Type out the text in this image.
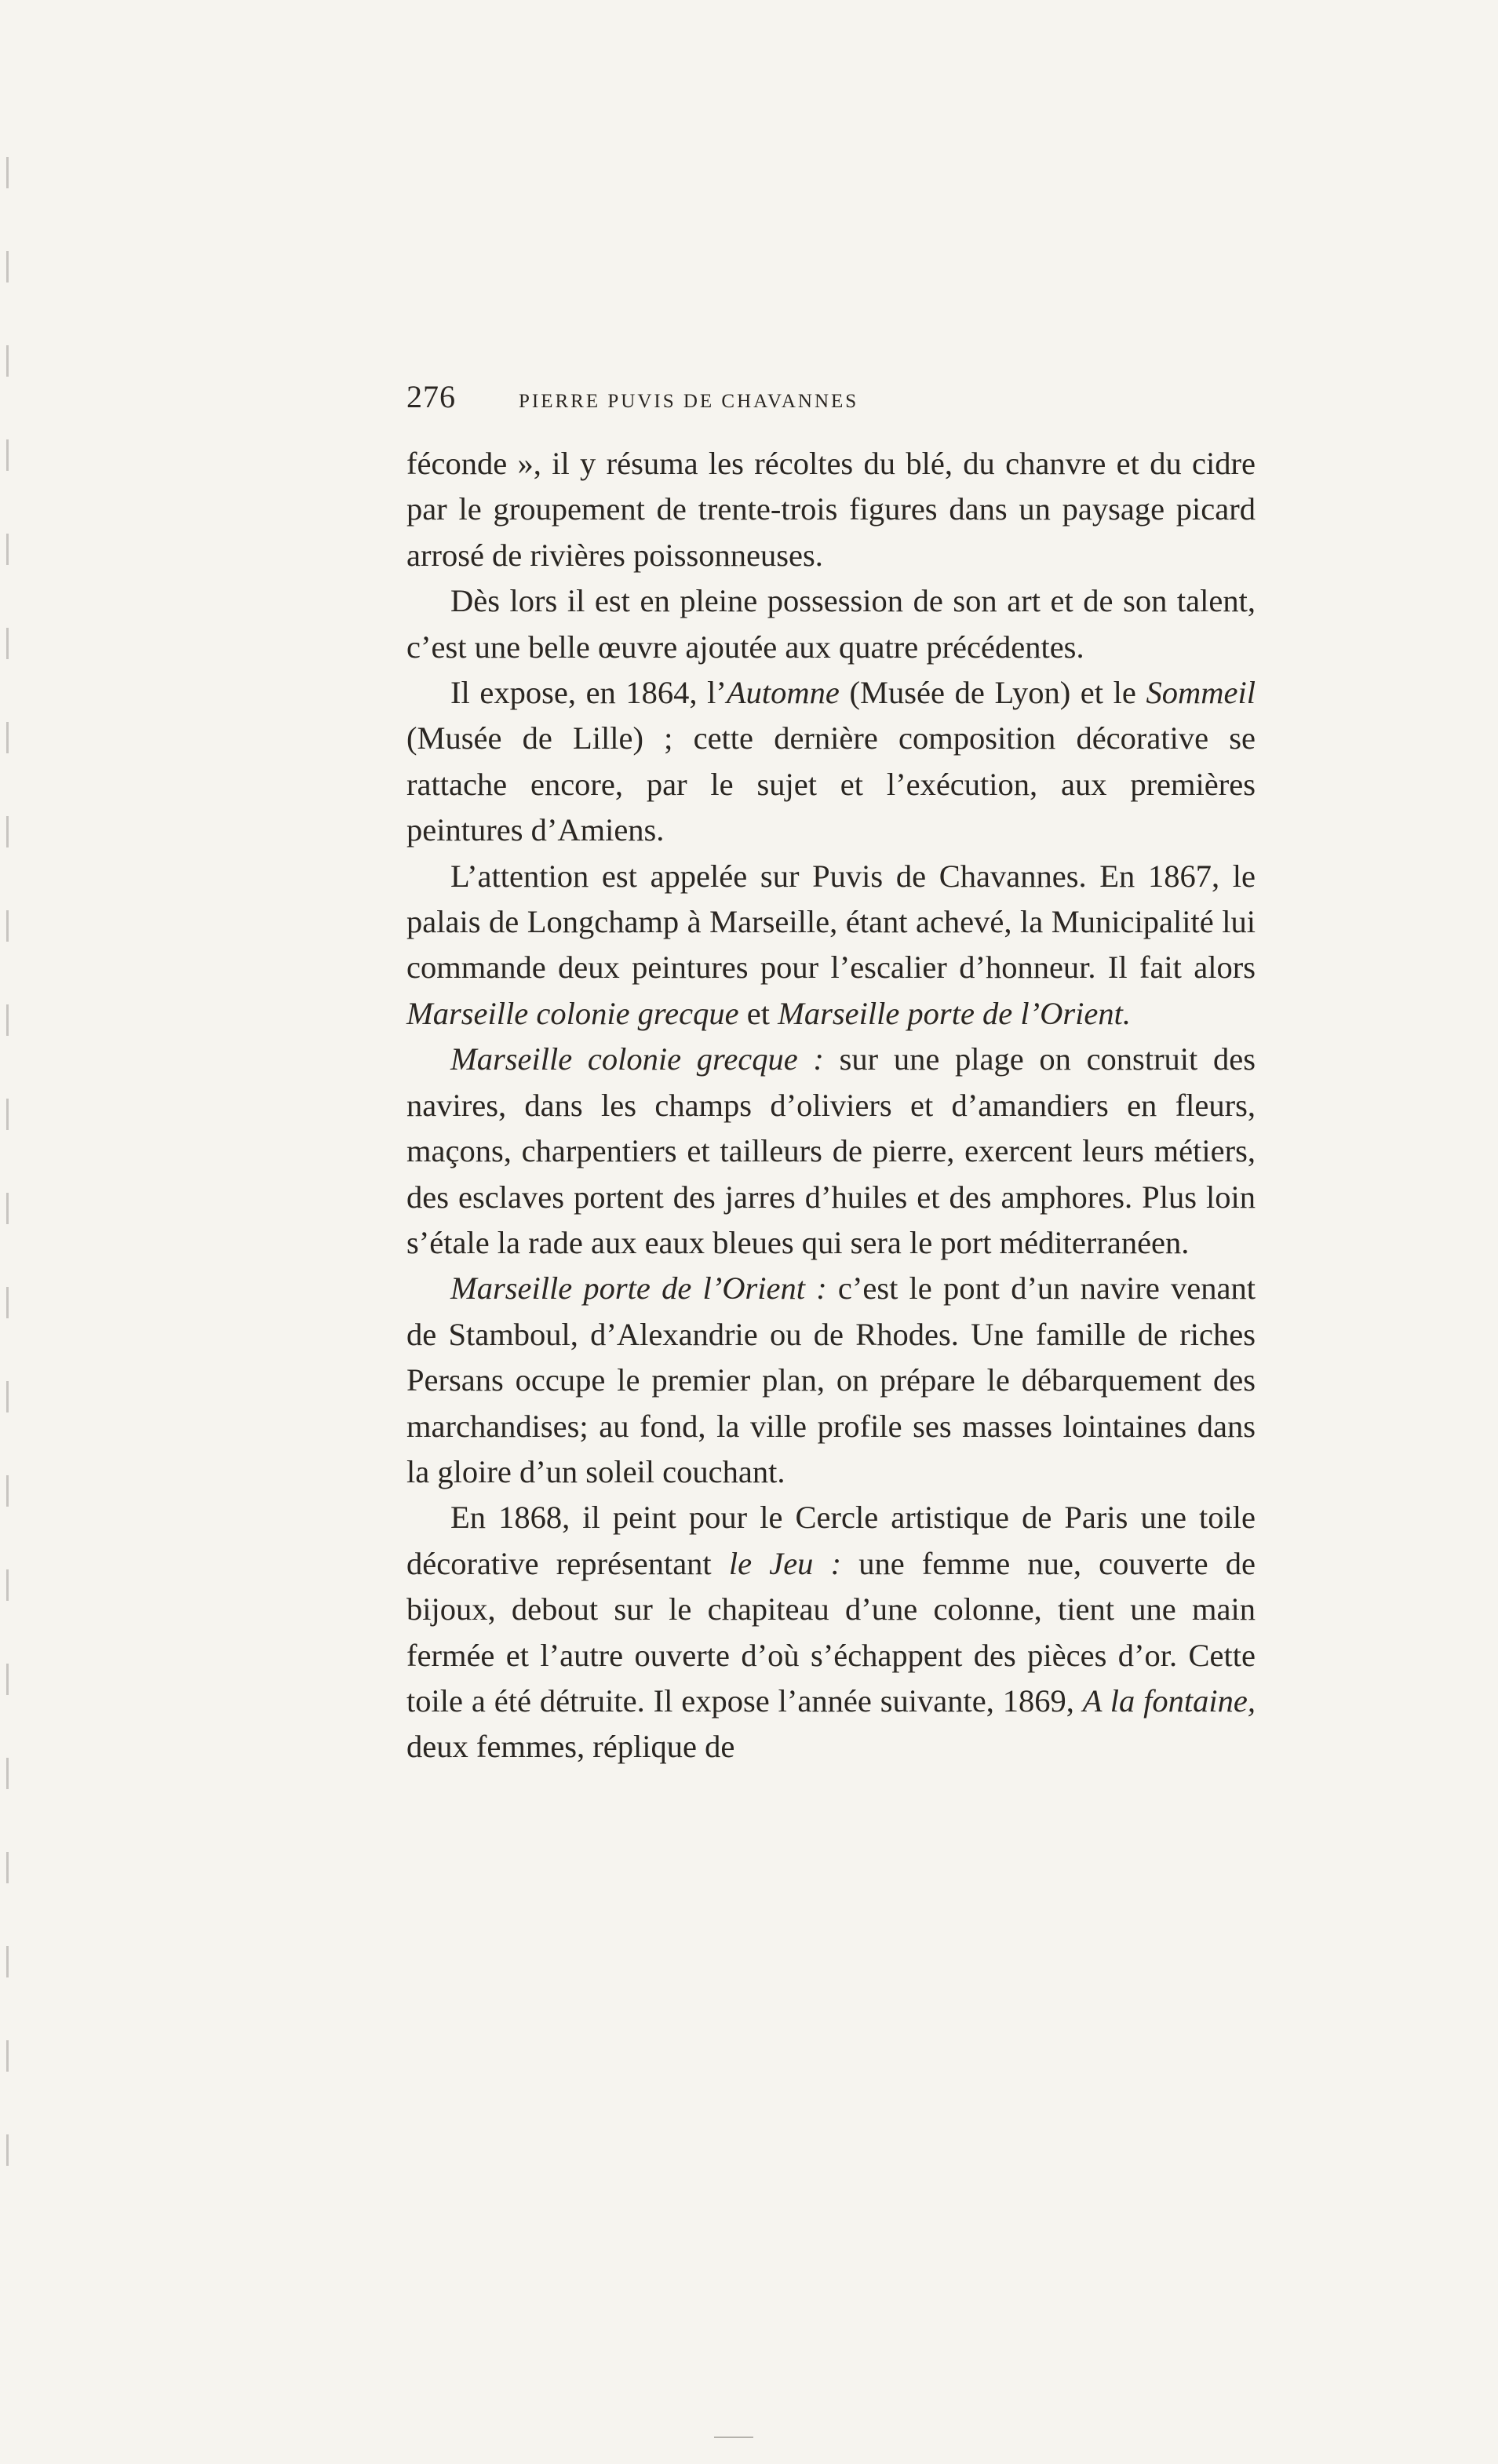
276	PIERRE PUVIS DE CHAVANNES

féconde », il y résuma les récoltes du blé, du chanvre et du cidre par le groupement de trente-trois figures dans un paysage picard arrosé de rivières poissonneuses.

Dès lors il est en pleine possession de son art et de son talent, c’est une belle œuvre ajoutée aux quatre précédentes.

Il expose, en 1864, l’Automne (Musée de Lyon) et le Sommeil (Musée de Lille) ; cette dernière composition décorative se rattache encore, par le sujet et l’exécution, aux premières peintures d’Amiens.

L’attention est appelée sur Puvis de Chavannes. En 1867, le palais de Longchamp à Marseille, étant achevé, la Municipalité lui commande deux peintures pour l’escalier d’honneur. Il fait alors Marseille colonie grecque et Marseille porte de l’Orient.

Marseille colonie grecque : sur une plage on construit des navires, dans les champs d’oliviers et d’amandiers en fleurs, maçons, charpentiers et tailleurs de pierre, exercent leurs métiers, des esclaves portent des jarres d’huiles et des amphores. Plus loin s’étale la rade aux eaux bleues qui sera le port méditerranéen.

Marseille porte de l’Orient : c’est le pont d’un navire venant de Stamboul, d’Alexandrie ou de Rhodes. Une famille de riches Persans occupe le premier plan, on prépare le débarquement des marchandises; au fond, la ville profile ses masses lointaines dans la gloire d’un soleil couchant.

En 1868, il peint pour le Cercle artistique de Paris une toile décorative représentant le Jeu : une femme nue, couverte de bijoux, debout sur le chapiteau d’une colonne, tient une main fermée et l’autre ouverte d’où s’échappent des pièces d’or. Cette toile a été détruite. Il expose l’année suivante, 1869, A la fontaine, deux femmes, réplique de
